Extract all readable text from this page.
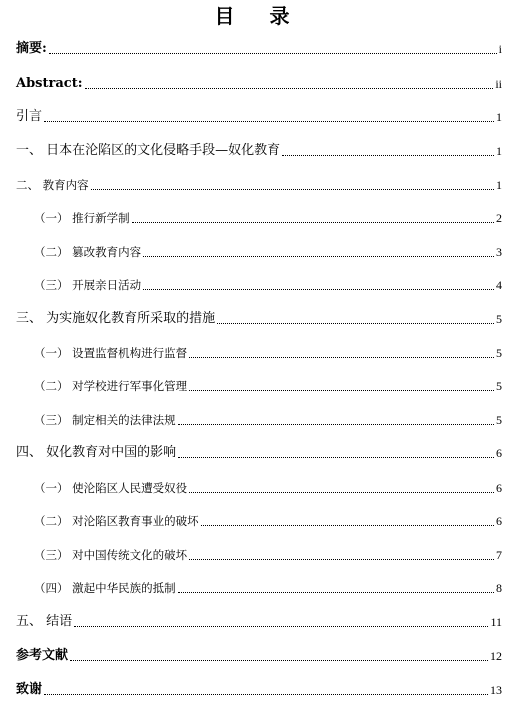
目 录
摘要:	i
Abstract:	ii
引言	1
一、 日本在沦陷区的文化侵略手段—奴化教育	1
二、 教育内容	1
（一） 推行新学制	2
（二） 篡改教育内容	3
（三） 开展亲日活动	4
三、 为实施奴化教育所采取的措施	5
（一） 设置监督机构进行监督	5
（二） 对学校进行军事化管理	5
（三） 制定相关的法律法规	5
四、 奴化教育对中国的影响	6
（一） 使沦陷区人民遭受奴役	6
（二） 对沦陷区教育事业的破坏	6
（三） 对中国传统文化的破坏	7
（四） 激起中华民族的抵制	8
五、 结语	11
参考文献	12
致谢	13
